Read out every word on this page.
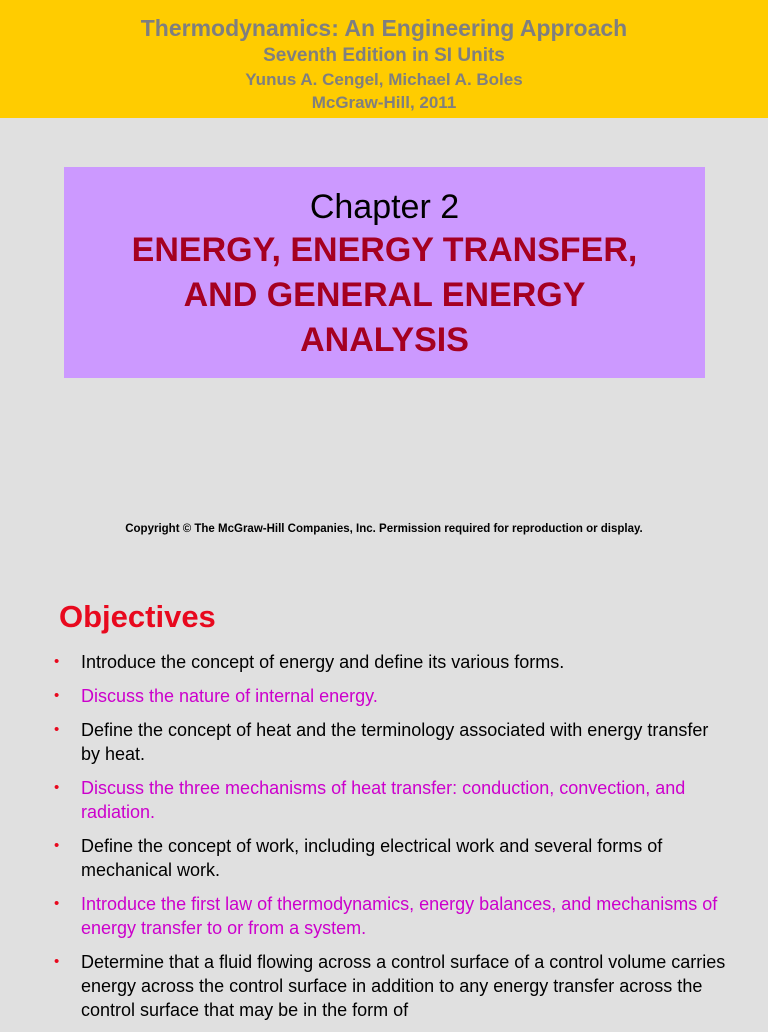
Thermodynamics: An Engineering Approach
Seventh Edition in SI Units
Yunus A. Cengel, Michael A. Boles
McGraw-Hill, 2011
Chapter 2
ENERGY, ENERGY TRANSFER,
AND GENERAL ENERGY
ANALYSIS
Copyright © The McGraw-Hill Companies, Inc. Permission required for reproduction or display.
Objectives
• Introduce the concept of energy and define its various forms.
• Discuss the nature of internal energy.
• Define the concept of heat and the terminology associated with energy transfer by heat.
• Discuss the three mechanisms of heat transfer: conduction, convection, and radiation.
• Define the concept of work, including electrical work and several forms of mechanical work.
• Introduce the first law of thermodynamics, energy balances, and mechanisms of energy transfer to or from a system.
• Determine that a fluid flowing across a control surface of a control volume carries energy across the control surface in addition to any energy transfer across the control surface that may be in the form of
